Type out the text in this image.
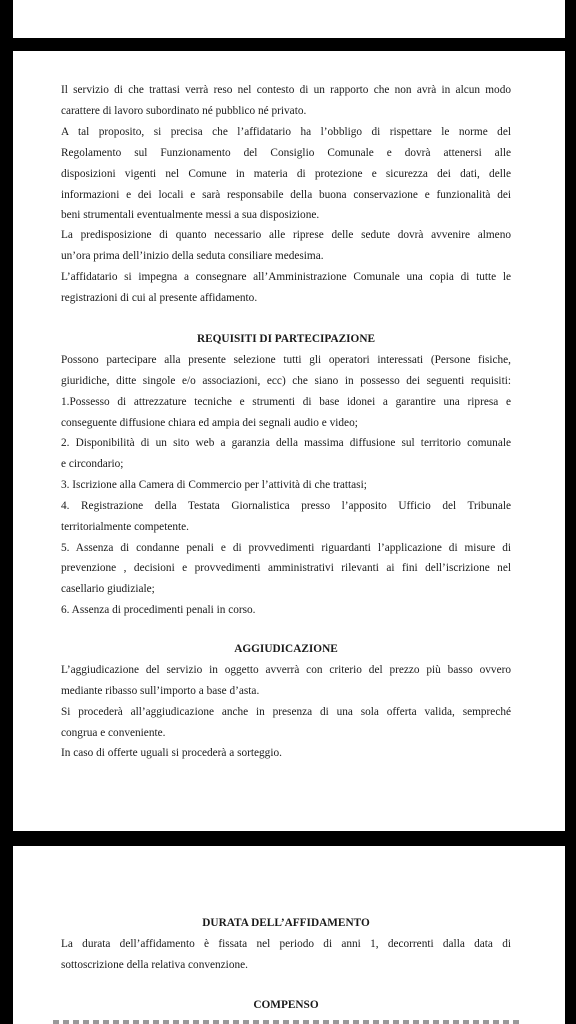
Il servizio di che trattasi verrà reso nel contesto di un rapporto che non avrà in alcun modo
carattere di lavoro subordinato né pubblico né privato.
A tal proposito, si precisa che l’affidatario ha l’obbligo di rispettare le norme del
Regolamento sul Funzionamento del Consiglio Comunale e dovrà attenersi alle
disposizioni vigenti nel Comune in materia di protezione e sicurezza dei dati, delle
informazioni e dei locali e sarà responsabile della buona conservazione e funzionalità dei
beni strumentali eventualmente messi a sua disposizione.
La predisposizione di quanto necessario alle riprese delle sedute dovrà avvenire almeno
un’ora prima dell’inizio della seduta consiliare medesima.
L’affidatario si impegna a consegnare all’Amministrazione Comunale una copia di tutte le
registrazioni di cui al presente affidamento.
REQUISITI DI PARTECIPAZIONE
Possono partecipare alla presente selezione tutti gli operatori interessati (Persone fisiche,
giuridiche, ditte singole e/o associazioni, ecc) che siano in possesso dei seguenti requisiti:
1.Possesso di attrezzature tecniche e strumenti di base idonei a garantire una ripresa e
conseguente diffusione chiara ed ampia dei segnali audio e video;
2. Disponibilità di un sito web a garanzia della massima diffusione sul territorio comunale
e circondario;
3. Iscrizione alla Camera di Commercio per l’attività di che trattasi;
4. Registrazione della Testata Giornalistica presso l’apposito Ufficio del Tribunale
territorialmente competente.
5. Assenza di condanne penali e di provvedimenti riguardanti l’applicazione di misure di
prevenzione , decisioni e provvedimenti amministrativi rilevanti ai fini dell’iscrizione nel
casellario giudiziale;
6. Assenza di procedimenti penali in corso.
AGGIUDICAZIONE
L’aggiudicazione del servizio in oggetto avverrà con criterio del prezzo più basso ovvero
mediante ribasso sull’importo a base d’asta.
Si procederà all’aggiudicazione anche in presenza di una sola offerta valida, sempreché
congrua e conveniente.
In caso di offerte uguali si procederà a sorteggio.
DURATA DELL’AFFIDAMENTO
La durata dell’affidamento è fissata nel periodo di anni 1, decorrenti dalla data di
sottoscrizione della relativa convenzione.
COMPENSO
